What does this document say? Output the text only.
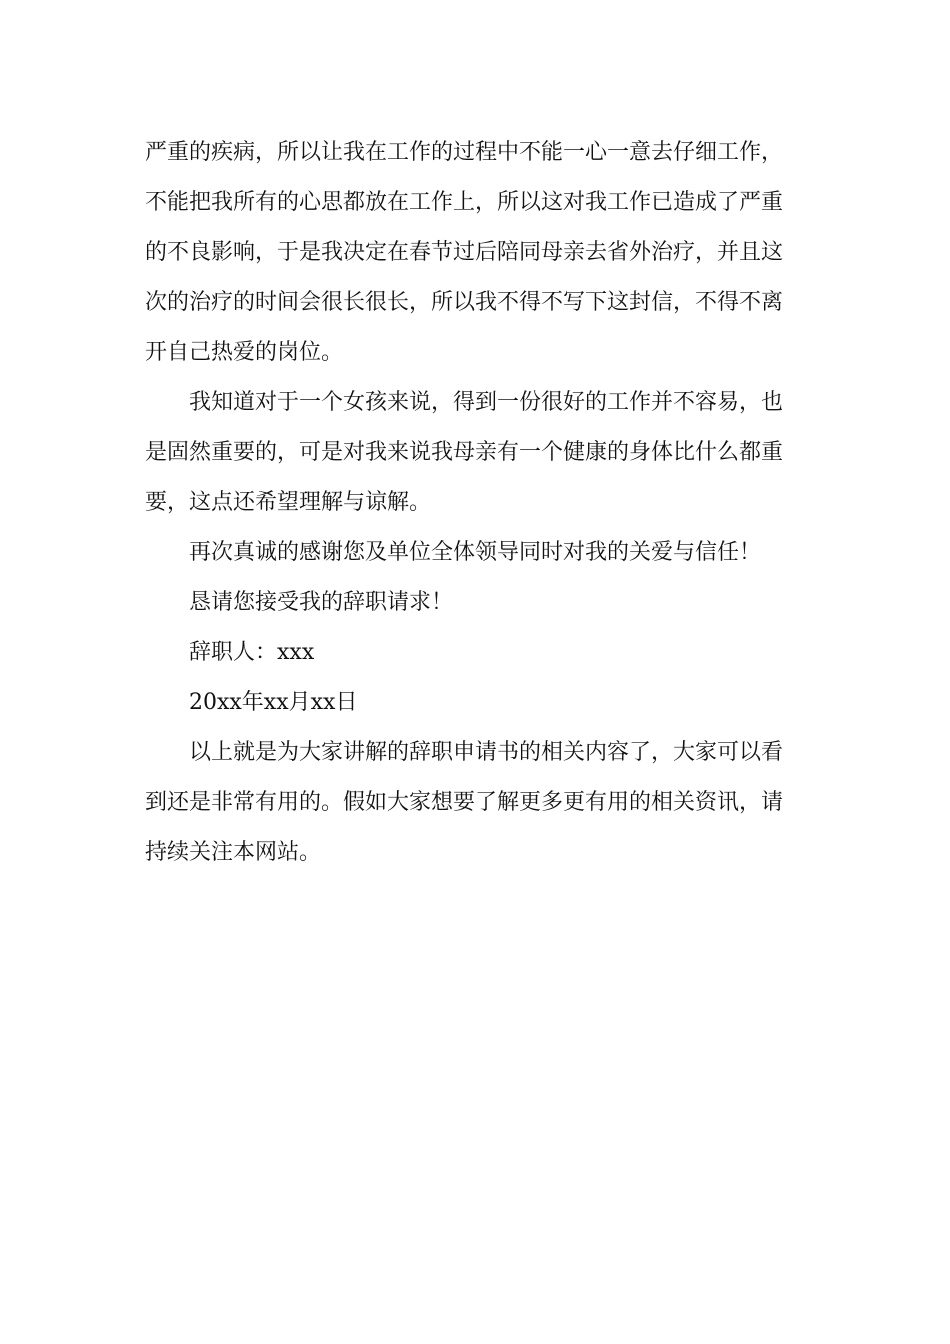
严重的疾病，所以让我在工作的过程中不能一心一意去仔细工作，
不能把我所有的心思都放在工作上，所以这对我工作已造成了严重
的不良影响，于是我决定在春节过后陪同母亲去省外治疗，并且这
次的治疗的时间会很长很长，所以我不得不写下这封信，不得不离
开自己热爱的岗位。

我知道对于一个女孩来说，得到一份很好的工作并不容易，也
是固然重要的，可是对我来说我母亲有一个健康的身体比什么都重
要，这点还希望理解与谅解。

再次真诚的感谢您及单位全体领导同时对我的关爱与信任！

恳请您接受我的辞职请求！

辞职人：xxx

20xx年xx月xx日

以上就是为大家讲解的辞职申请书的相关内容了，大家可以看
到还是非常有用的。假如大家想要了解更多更有用的相关资讯，请
持续关注本网站。
